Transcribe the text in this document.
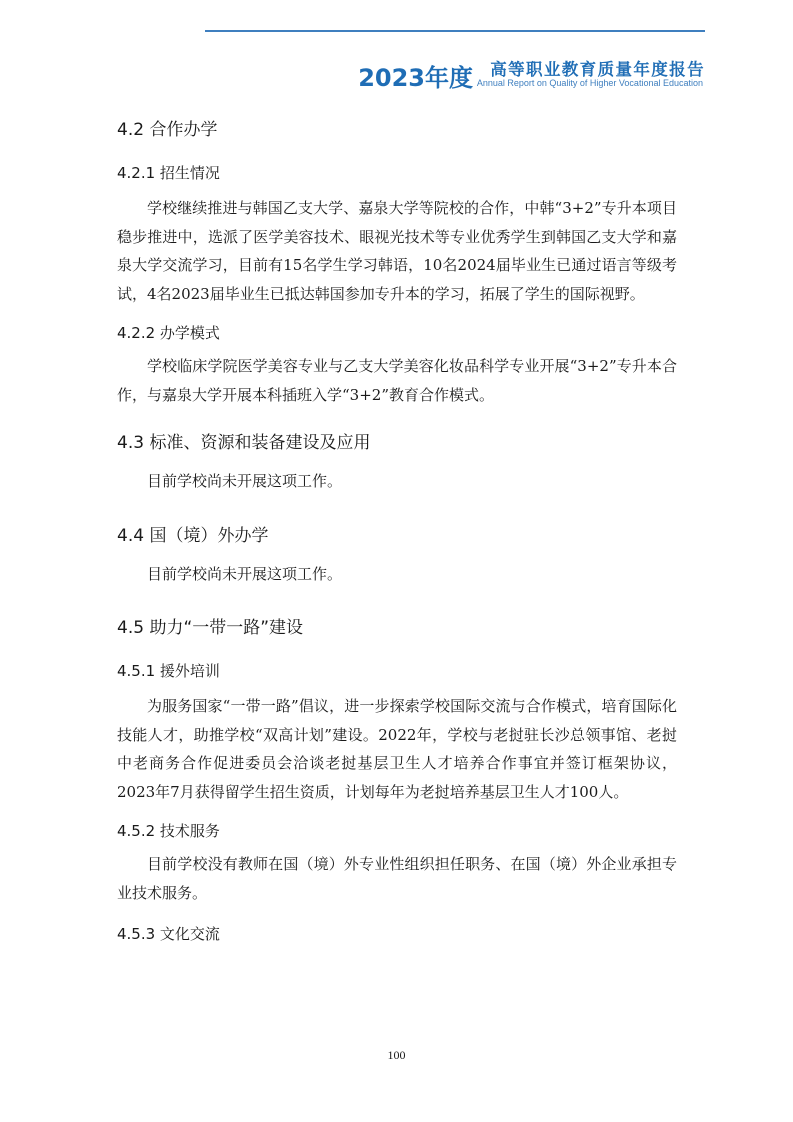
2023年度 高等职业教育质量年度报告
Annual Report on Quality of Higher Vocational Education
4.2 合作办学
4.2.1 招生情况

学校继续推进与韩国乙支大学、嘉泉大学等院校的合作，中韩“3+2”专升本项目稳步推进中，选派了医学美容技术、眼视光技术等专业优秀学生到韩国乙支大学和嘉泉大学交流学习，目前有15名学生学习韩语，10名2024届毕业生已通过语言等级考试，4名2023届毕业生已抵达韩国参加专升本的学习，拓展了学生的国际视野。

4.2.2 办学模式

学校临床学院医学美容专业与乙支大学美容化妆品科学专业开展“3+2”专升本合作，与嘉泉大学开展本科插班入学“3+2”教育合作模式。

4.3 标准、资源和装备建设及应用

目前学校尚未开展这项工作。

4.4 国（境）外办学

目前学校尚未开展这项工作。

4.5 助力“一带一路”建设
4.5.1 援外培训

为服务国家“一带一路”倡议，进一步探索学校国际交流与合作模式，培育国际化技能人才，助推学校“双高计划”建设。2022年，学校与老挝驻长沙总领事馆、老挝中老商务合作促进委员会洽谈老挝基层卫生人才培养合作事宜并签订框架协议，2023年7月获得留学生招生资质，计划每年为老挝培养基层卫生人才100人。

4.5.2 技术服务

目前学校没有教师在国（境）外专业性组织担任职务、在国（境）外企业承担专业技术服务。

4.5.3 文化交流
100
